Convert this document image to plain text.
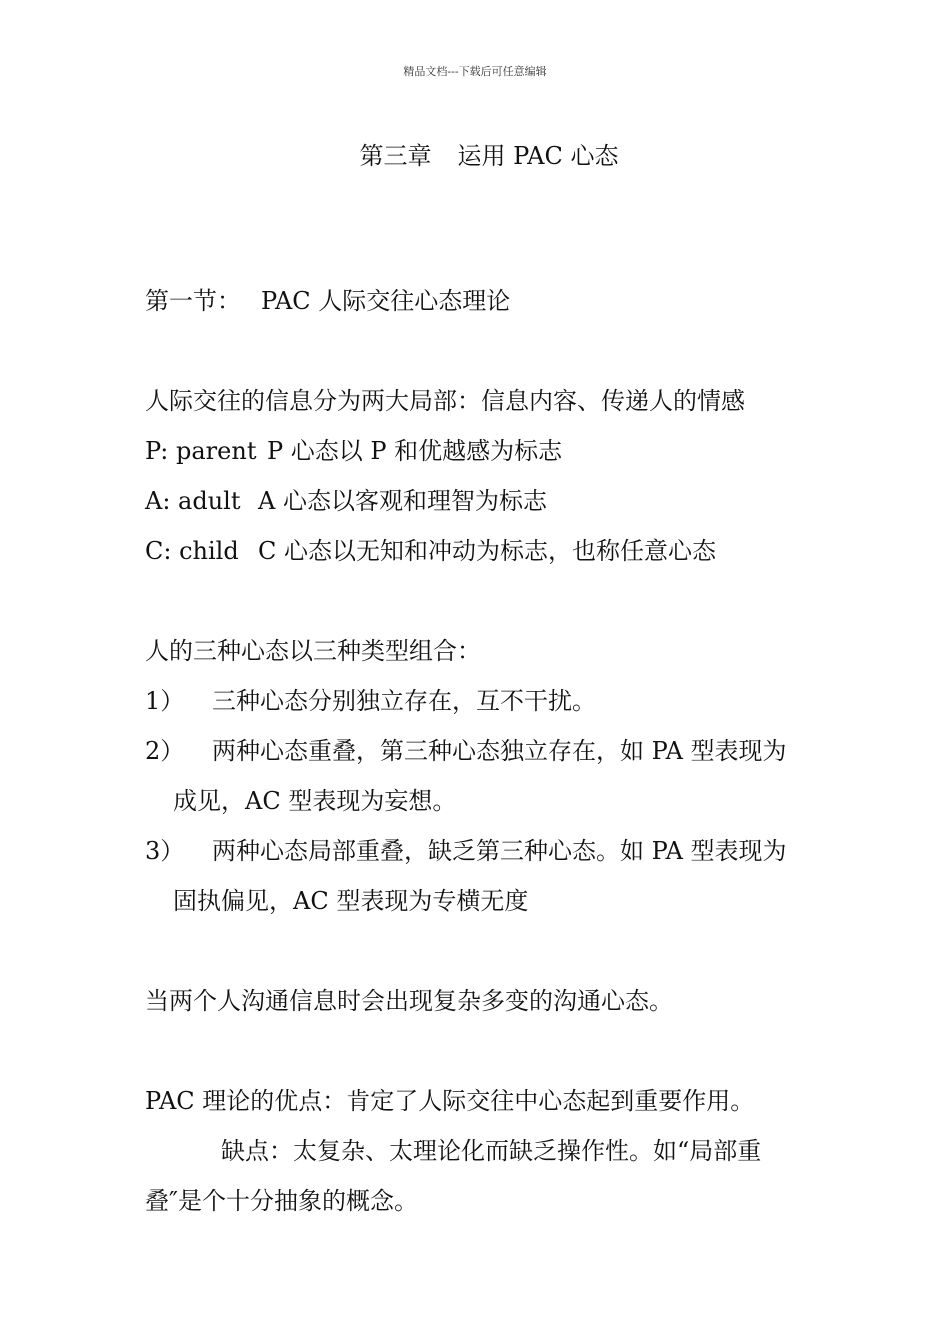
精品文档---下载后可任意编辑
第三章 运用 PAC 心态
第一节： PAC 人际交往心态理论
人际交往的信息分为两大局部：信息内容、传递人的情感
P: parent P 心态以 P 和优越感为标志
A: adult A 心态以客观和理智为标志
C: child C 心态以无知和冲动为标志，也称任意心态
人的三种心态以三种类型组合：
1） 三种心态分别独立存在，互不干扰。
2） 两种心态重叠，第三种心态独立存在，如 PA 型表现为
成见，AC 型表现为妄想。
3） 两种心态局部重叠，缺乏第三种心态。如 PA 型表现为
固执偏见，AC 型表现为专横无度
当两个人沟通信息时会出现复杂多变的沟通心态。
PAC 理论的优点：肯定了人际交往中心态起到重要作用。
缺点：太复杂、太理论化而缺乏操作性。如“局部重
叠″是个十分抽象的概念。
